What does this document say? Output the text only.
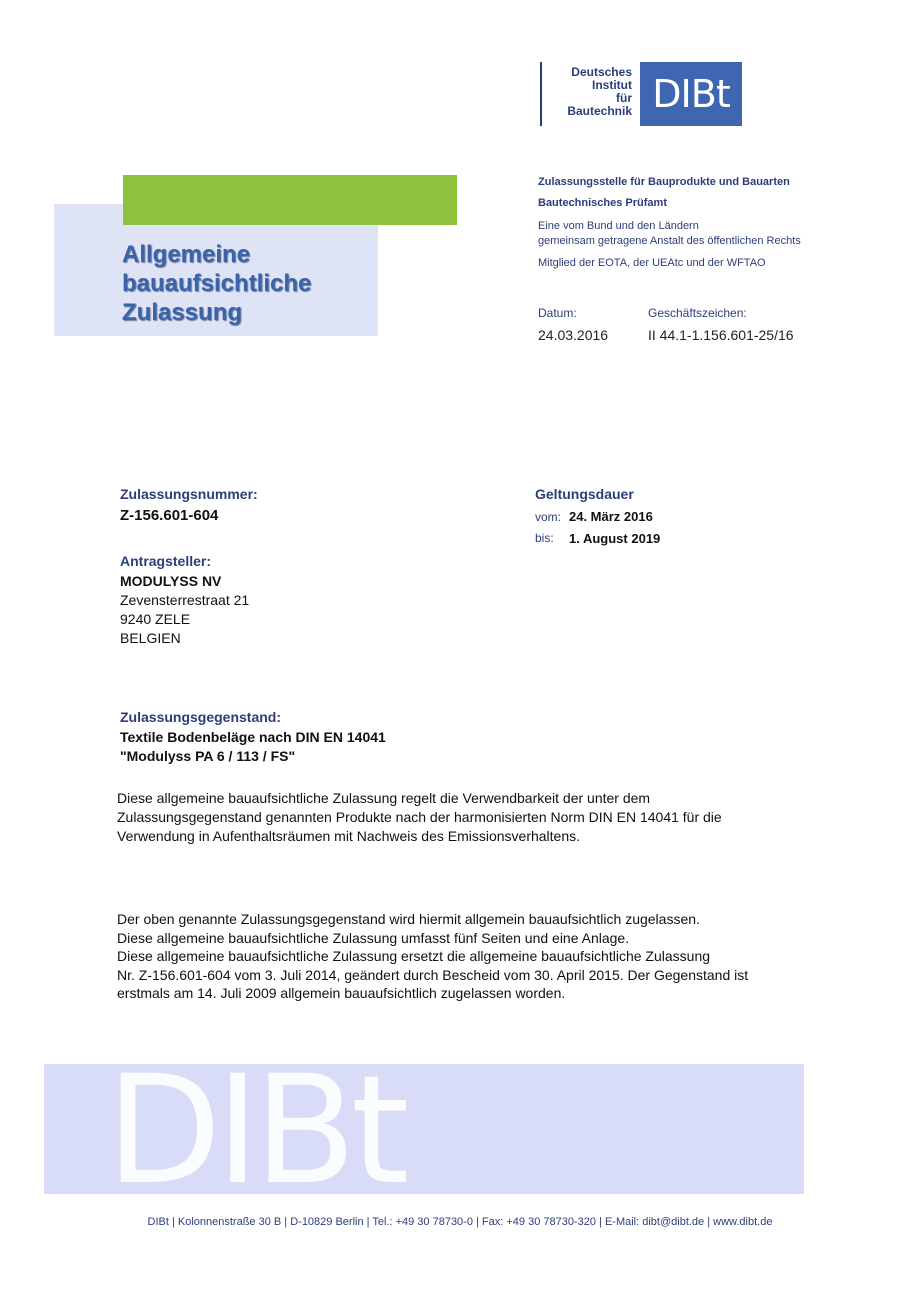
Deutsches
Institut
für
Bautechnik DIBt
Allgemeine
bauaufsichtliche
Zulassung
Zulassungsstelle für Bauprodukte und Bauarten
Bautechnisches Prüfamt
Eine vom Bund und den Ländern
gemeinsam getragene Anstalt des öffentlichen Rechts
Mitglied der EOTA, der UEAtc und der WFTAO
Datum:
24.03.2016
Geschäftszeichen:
II 44.1-1.156.601-25/16
Zulassungsnummer:
Z-156.601-604
Geltungsdauer
vom: 24. März 2016
bis: 1. August 2019
Antragsteller:
MODULYSS NV
Zevensterrestraat 21
9240 ZELE
BELGIEN
Zulassungsgegenstand:
Textile Bodenbeläge nach DIN EN 14041
"Modulyss PA 6 / 113 / FS"
Diese allgemeine bauaufsichtliche Zulassung regelt die Verwendbarkeit der unter dem
Zulassungsgegenstand genannten Produkte nach der harmonisierten Norm DIN EN 14041 für die
Verwendung in Aufenthaltsräumen mit Nachweis des Emissionsverhaltens.
Der oben genannte Zulassungsgegenstand wird hiermit allgemein bauaufsichtlich zugelassen.
Diese allgemeine bauaufsichtliche Zulassung umfasst fünf Seiten und eine Anlage.
Diese allgemeine bauaufsichtliche Zulassung ersetzt die allgemeine bauaufsichtliche Zulassung
Nr. Z-156.601-604 vom 3. Juli 2014, geändert durch Bescheid vom 30. April 2015. Der Gegenstand ist
erstmals am 14. Juli 2009 allgemein bauaufsichtlich zugelassen worden.
DIBt
DIBt | Kolonnenstraße 30 B | D-10829 Berlin | Tel.: +49 30 78730-0 | Fax: +49 30 78730-320 | E-Mail: dibt@dibt.de | www.dibt.de
